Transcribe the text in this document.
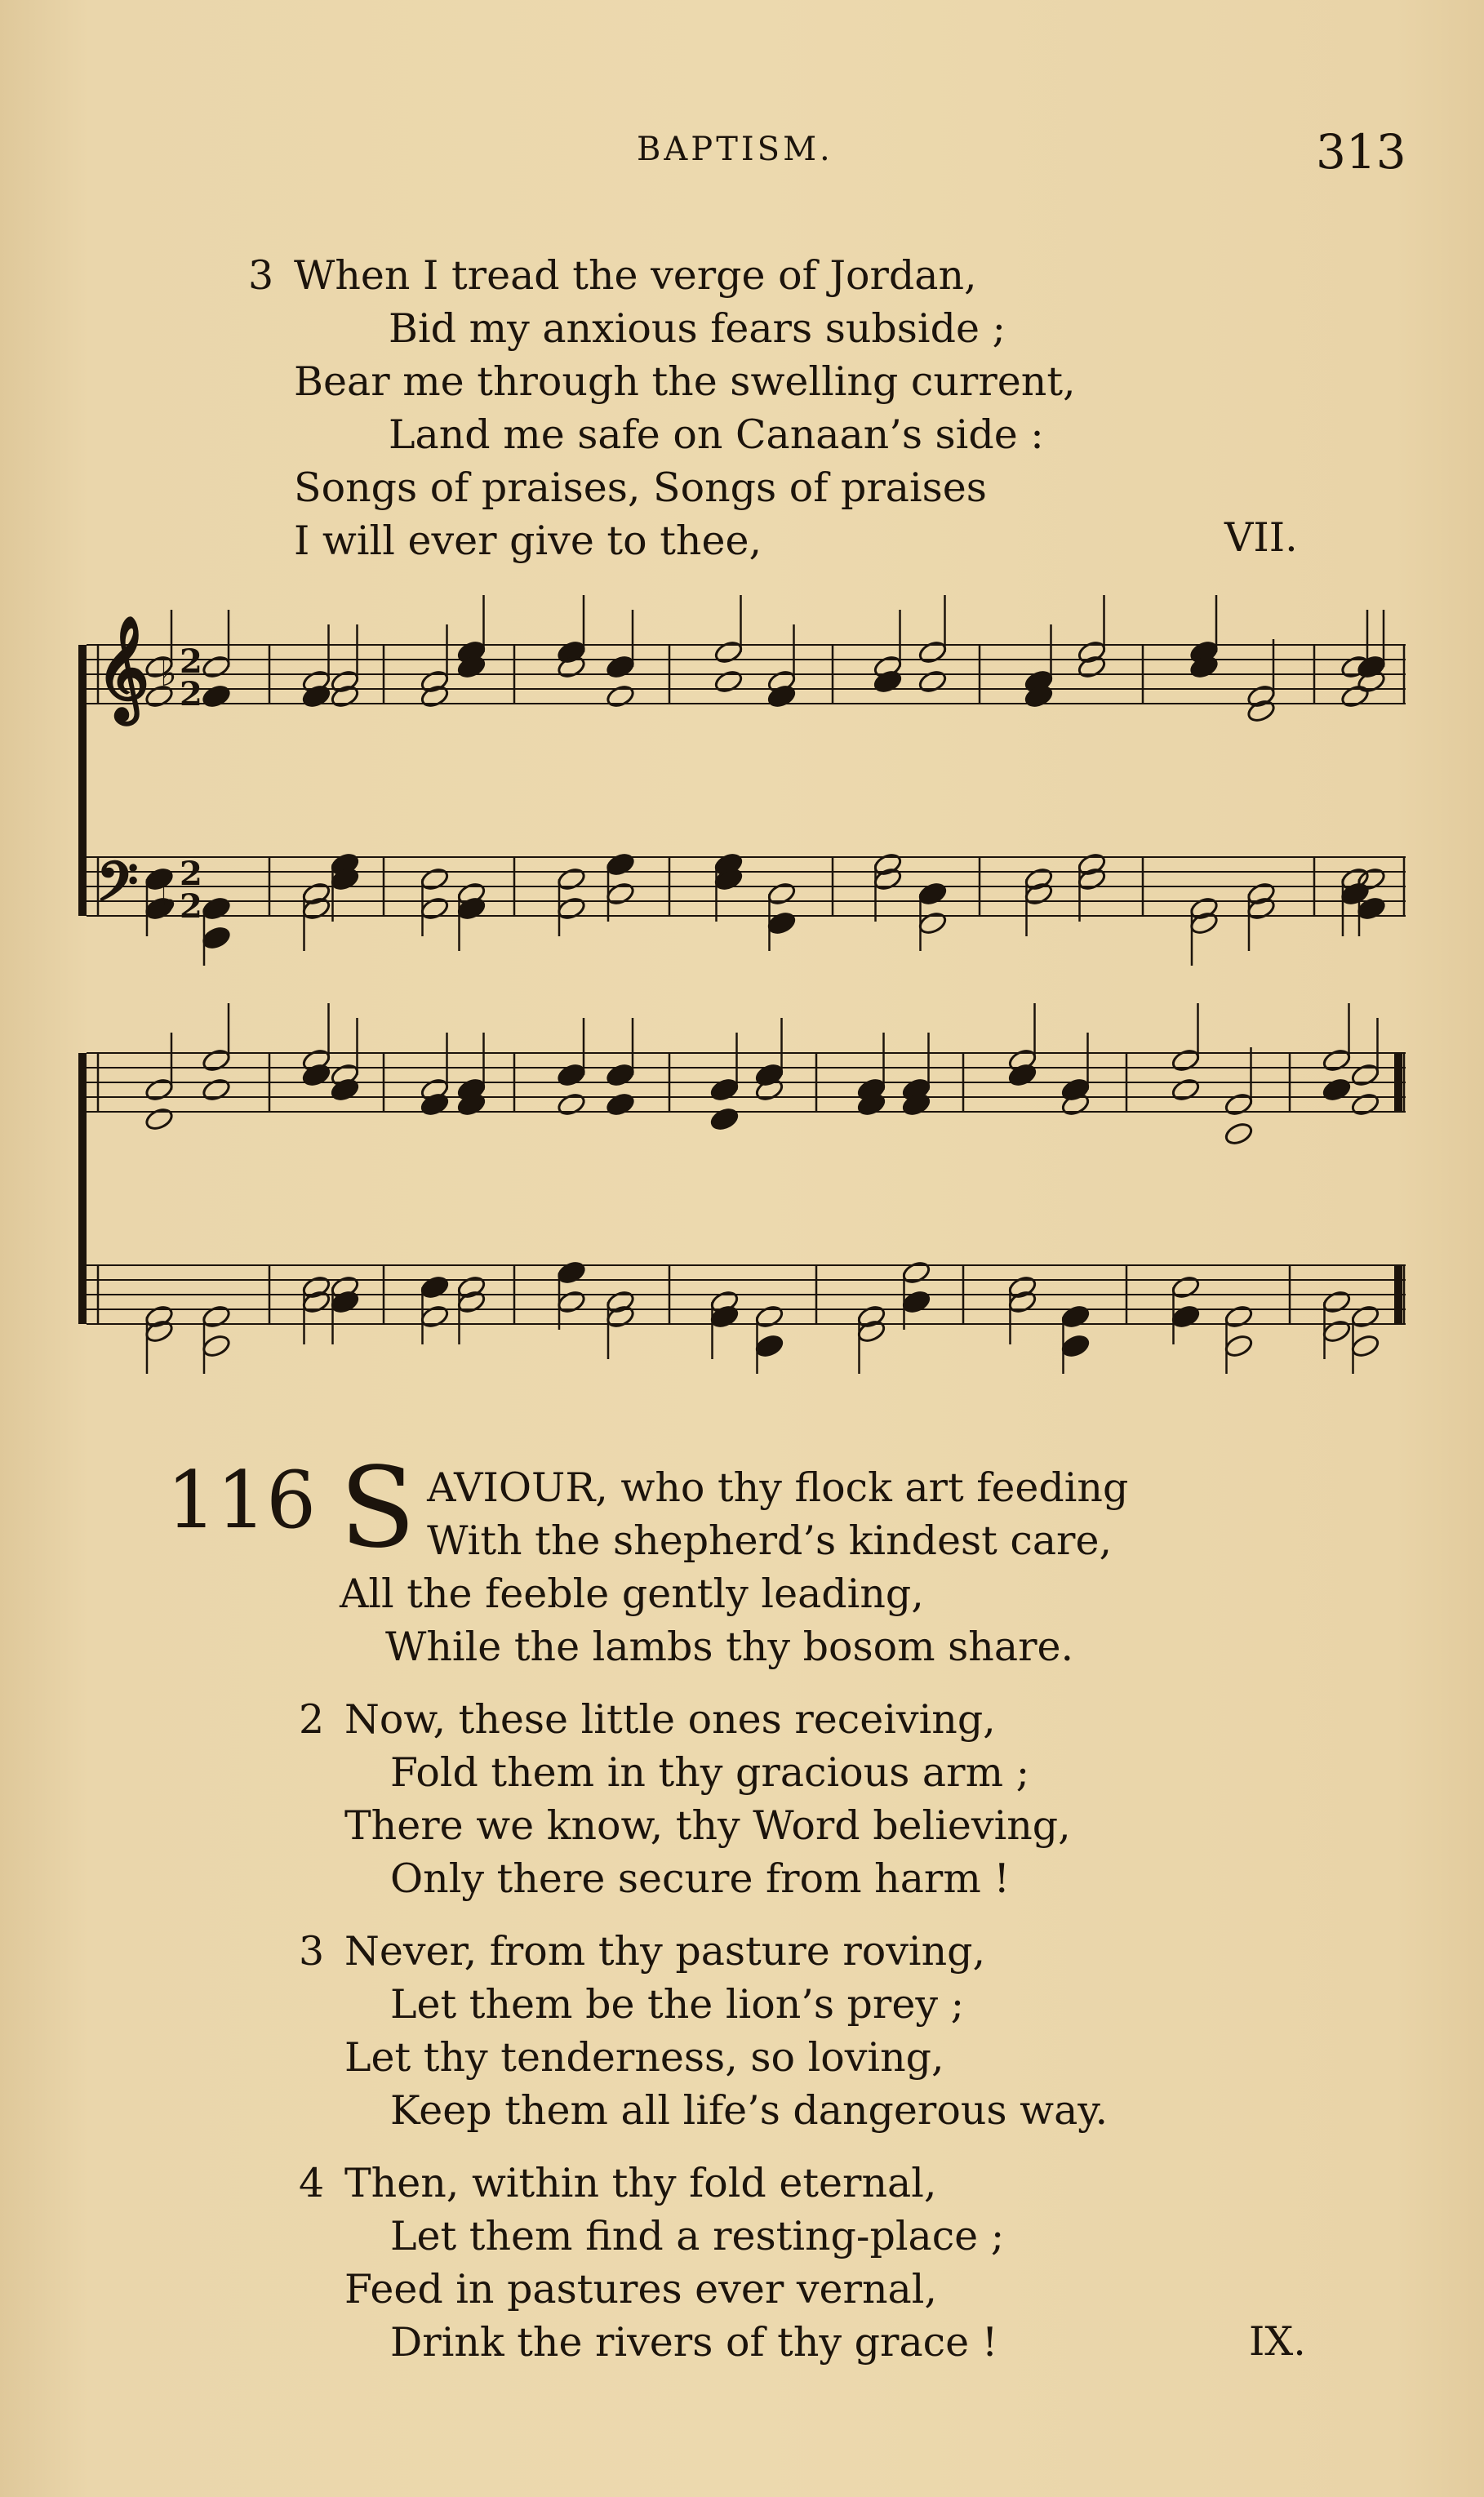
BAPTISM.	313
3 When I tread the verge of Jordan,
Bid my anxious fears subside ;
Bear me through the swelling current,
Land me safe on Canaan’s side :
Songs of praises, Songs of praises
I will ever give to thee,	VII.
𝄞 2
2
♭
𝄢 2
2
♭
116 S AVIOUR, who thy flock art feeding
With the shepherd’s kindest care,
All the feeble gently leading,
While the lambs thy bosom share.
2 Now, these little ones receiving,
Fold them in thy gracious arm ;
There we know, thy Word believing,
Only there secure from harm !
3 Never, from thy pasture roving,
Let them be the lion’s prey ;
Let thy tenderness, so loving,
Keep them all life’s dangerous way.
4 Then, within thy fold eternal,
Let them find a resting-place ;
Feed in pastures ever vernal,
Drink the rivers of thy grace !	IX.
